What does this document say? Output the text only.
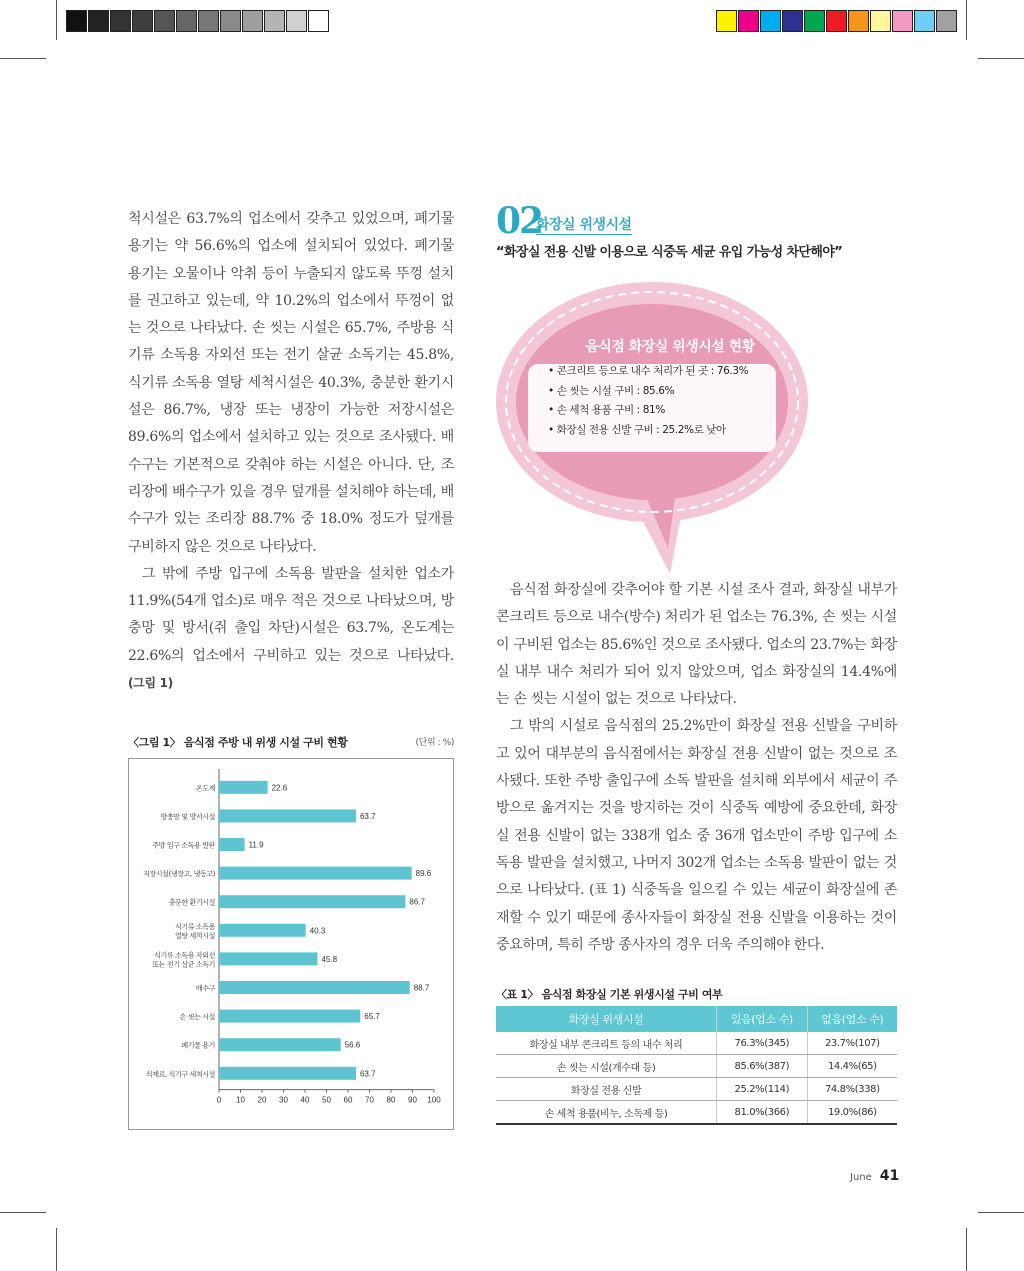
척시설은 63.7%의 업소에서 갖추고 있었으며, 폐기물 용기는 약 56.6%의 업소에 설치되어 있었다. 폐기물 용기는 오물이나 악취 등이 누출되지 않도록 뚜껑 설치를 권고하고 있는데, 약 10.2%의 업소에서 뚜껑이 없는 것으로 나타났다. 손 씻는 시설은 65.7%, 주방용 식기류 소독용 자외선 또는 전기 살균 소독기는 45.8%, 식기류 소독용 열탕 세척시설은 40.3%, 충분한 환기시설은 86.7%, 냉장 또는 냉장이 가능한 저장시설은 89.6%의 업소에서 설치하고 있는 것으로 조사됐다. 배수구는 기본적으로 갖춰야 하는 시설은 아니다. 단, 조리장에 배수구가 있을 경우 덮개를 설치해야 하는데, 배수구가 있는 조리장 88.7% 중 18.0% 정도가 덮개를 구비하지 않은 것으로 나타났다.

그 밖에 주방 입구에 소독용 발판을 설치한 업소가 11.9%(54개 업소)로 매우 적은 것으로 나타났으며, 방충망 및 방서(쥐 출입 차단)시설은 63.7%, 온도계는 22.6%의 업소에서 구비하고 있는 것으로 나타났다. (그림 1)

〈그림 1〉 음식점 주방 내 위생 시설 구비 현황	(단위 : %)
22.6
온도계
63.7
방충망 및 방서시설
11.9
주방 입구 소독용 발판
89.6
저장시설(냉장고, 냉동고)
86.7
충분한 환기시설
40.3
식기류 소독용
열탕 세척시설
45.8
식기류 소독용 자외선
또는 전기 살균 소독기
88.7
배수구
65.7
손 씻는 시설
56.6
폐기물 용기
63.7
식재료, 식기구 세척시설
0 10 20 30 40 50 60 70 80 90 100
02
화장실 위생시설
“화장실 전용 신발 이용으로 식중독 세균 유입 가능성 차단해야”
음식점 화장실 위생시설 현황
• 콘크리트 등으로 내수 처리가 된 곳 : 76.3%
• 손 씻는 시설 구비 : 85.6%
• 손 세척 용품 구비 : 81%
• 화장실 전용 신발 구비 : 25.2%로 낮아

음식점 화장실에 갖추어야 할 기본 시설 조사 결과, 화장실 내부가 콘크리트 등으로 내수(방수) 처리가 된 업소는 76.3%, 손 씻는 시설이 구비된 업소는 85.6%인 것으로 조사됐다. 업소의 23.7%는 화장실 내부 내수 처리가 되어 있지 않았으며, 업소 화장실의 14.4%에는 손 씻는 시설이 없는 것으로 나타났다.

그 밖의 시설로 음식점의 25.2%만이 화장실 전용 신발을 구비하고 있어 대부분의 음식점에서는 화장실 전용 신발이 없는 것으로 조사됐다. 또한 주방 출입구에 소독 발판을 설치해 외부에서 세균이 주방으로 옮겨지는 것을 방지하는 것이 식중독 예방에 중요한데, 화장실 전용 신발이 없는 338개 업소 중 36개 업소만이 주방 입구에 소독용 발판을 설치했고, 나머지 302개 업소는 소독용 발판이 없는 것으로 나타났다. (표 1) 식중독을 일으킬 수 있는 세균이 화장실에 존재할 수 있기 때문에 종사자들이 화장실 전용 신발을 이용하는 것이 중요하며, 특히 주방 종사자의 경우 더욱 주의해야 한다.

〈표 1〉 음식점 화장실 기본 위생시설 구비 여부
화장실 위생시설	있음(업소 수)	없음(업소 수)
화장실 내부 콘크리트 등의 내수 처리	76.3%(345)	23.7%(107)
손 씻는 시설(개수대 등)	85.6%(387)	14.4%(65)
화장실 전용 신발	25.2%(114)	74.8%(338)
손 세척 용품(비누, 소독제 등)	81.0%(366)	19.0%(86)
June 41
